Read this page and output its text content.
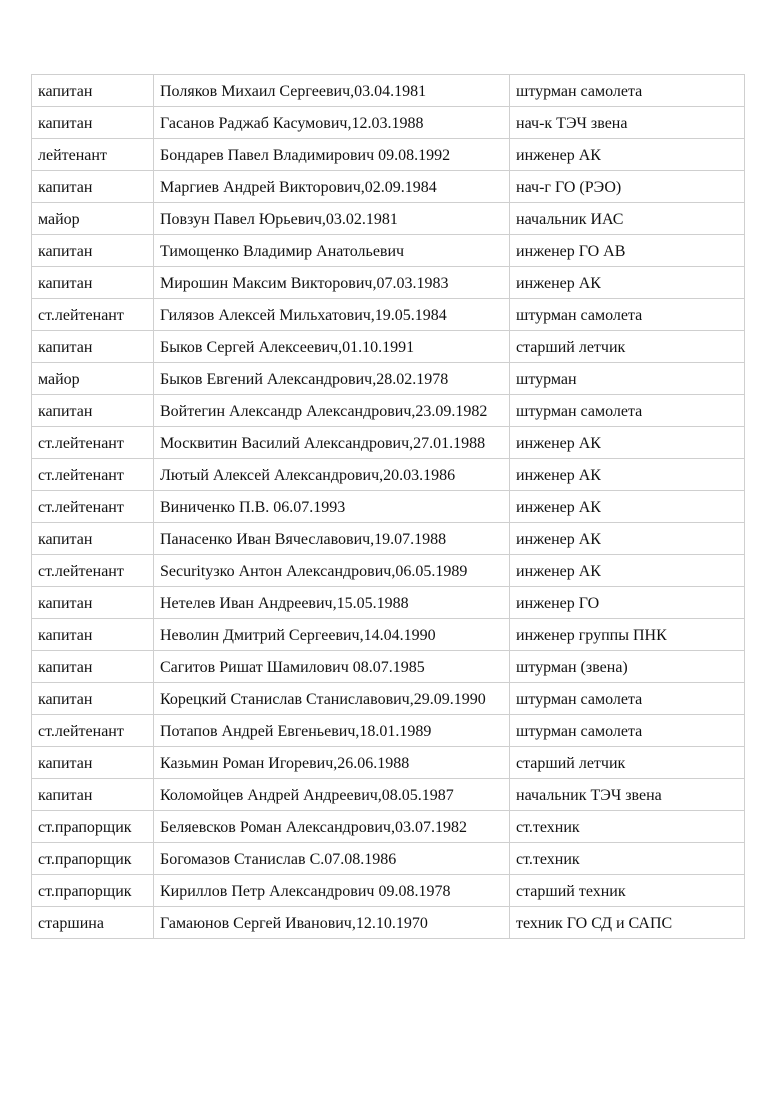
капитан	Поляков Михаил Сергеевич,03.04.1981	штурман самолета
капитан	Гасанов Раджаб Касумович,12.03.1988	нач-к ТЭЧ звена
лейтенант	Бондарев Павел Владимирович 09.08.1992	инженер АК
капитан	Маргиев Андрей Викторович,02.09.1984	нач-г ГО (РЭО)
майор	Повзун Павел Юрьевич,03.02.1981	начальник ИАС
капитан	Тимощенко Владимир Анатольевич	инженер ГО АВ
капитан	Мирошин Максим Викторович,07.03.1983	инженер АК
ст.лейтенант	Гилязов Алексей Мильхатович,19.05.1984	штурман самолета
капитан	Быков Сергей Алексеевич,01.10.1991	старший летчик
майор	Быков Евгений Александрович,28.02.1978	штурман
капитан	Войтегин Александр Александрович,23.09.1982	штурман самолета
ст.лейтенант	Москвитин Василий Александрович,27.01.1988	инженер АК
ст.лейтенант	Лютый Алексей Александрович,20.03.1986	инженер АК
ст.лейтенант	Виниченко П.В. 06.07.1993	инженер АК
капитан	Панасенко Иван Вячеславович,19.07.1988	инженер АК
ст.лейтенант	Securityзко Антон Александрович,06.05.1989	инженер АК
капитан	Нетелев Иван Андреевич,15.05.1988	инженер ГО
капитан	Неволин Дмитрий Сергеевич,14.04.1990	инженер группы ПНК
капитан	Сагитов Ришат Шамилович 08.07.1985	штурман (звена)
капитан	Корецкий Станислав Станиславович,29.09.1990	штурман самолета
ст.лейтенант	Потапов Андрей Евгеньевич,18.01.1989	штурман самолета
капитан	Казьмин Роман Игоревич,26.06.1988	старший летчик
капитан	Коломойцев Андрей Андреевич,08.05.1987	начальник ТЭЧ звена
ст.прапорщик	Беляевсков Роман Александрович,03.07.1982	ст.техник
ст.прапорщик	Богомазов Станислав С.07.08.1986	ст.техник
ст.прапорщик	Кириллов Петр Александрович 09.08.1978	старший техник
старшина	Гамаюнов Сергей Иванович,12.10.1970	техник ГО СД и САПС
